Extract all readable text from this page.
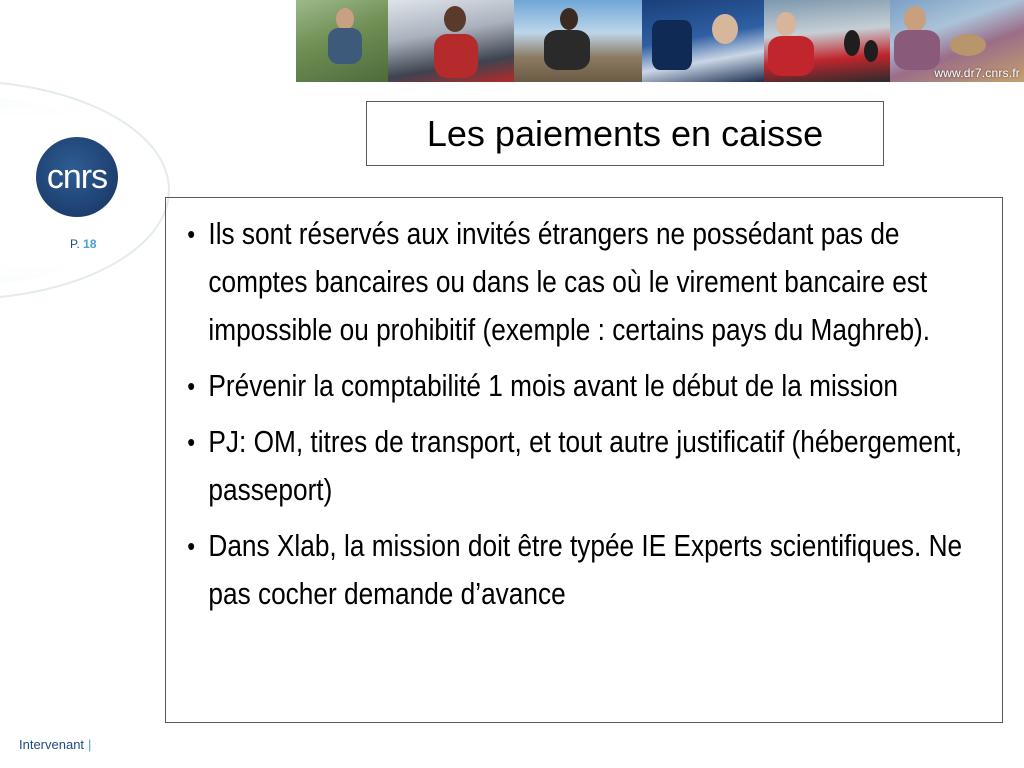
www.dr7.cnrs.fr
cnrs
P. 18
Les paiements en caisse
• Ils sont réservés aux invités étrangers ne possédant pas de comptes bancaires ou dans le cas où le virement bancaire est impossible ou prohibitif (exemple : certains pays du Maghreb).
• Prévenir la comptabilité 1 mois avant le début de la mission
• PJ: OM, titres de transport, et tout autre justificatif (hébergement, passeport)
• Dans Xlab, la mission doit être typée IE Experts scientifiques. Ne pas cocher demande d’avance
Intervenant |
